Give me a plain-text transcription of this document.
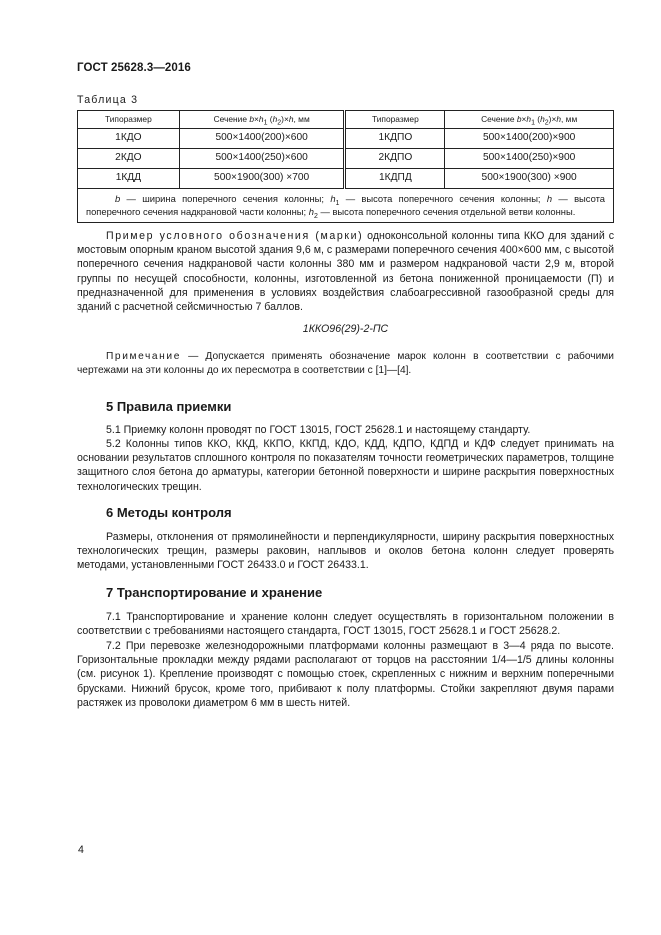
ГОСТ 25628.3—2016
Таблица 3
Типоразмер	Сечение $b\times h_1$ $(h_2)\times h$, мм	Типоразмер	Сечение $b\times h_1$ $(h_2)\times h$, мм
1КДО	500×1400(200)×600	1КДПО	500×1400(200)×900
2КДО	500×1400(250)×600	2КДПО	500×1400(250)×900
1КДД	500×1900(300) ×700	1КДПД	500×1900(300) ×900
b — ширина поперечного сечения колонны; $h_1$ — высота поперечного сечения колонны; h — высота поперечного сечения надкрановой части колонны; $h_2$ — высота поперечного сечения отдельной ветви колонны.			

Пример условного обозначения (марки) одноконсольной колонны типа ККО для зданий с мостовым опорным краном высотой здания 9,6 м, с размерами поперечного сечения 400×600 мм, с высотой поперечного сечения надкрановой части колонны 380 мм и размером надкрановой части 2,9 м, второй группы по несущей способности, колонны, изготовленной из бетона пониженной проницаемости (П) и предназначенной для применения в условиях воздействия слабоагрессивной газообразной среды для зданий с расчетной сейсмичностью 7 баллов.

1ККО96(29)-2-ПС

Примечание — Допускается применять обозначение марок колонн в соответствии с рабочими чертежами на эти колонны до их пересмотра в соответствии с [1]—[4].

5 Правила приемки

5.1 Приемку колонн проводят по ГОСТ 13015, ГОСТ 25628.1 и настоящему стандарту.

5.2 Колонны типов ККО, ККД, ККПО, ККПД, КДО, КДД, КДПО, КДПД и КДФ следует принимать на основании результатов сплошного контроля по показателям точности геометрических параметров, толщине защитного слоя бетона до арматуры, категории бетонной поверхности и ширине раскрытия поверхностных технологических трещин.

6 Методы контроля

Размеры, отклонения от прямолинейности и перпендикулярности, ширину раскрытия поверхностных технологических трещин, размеры раковин, наплывов и околов бетона колонн следует проверять методами, установленными ГОСТ 26433.0 и ГОСТ 26433.1.

7 Транспортирование и хранение

7.1 Транспортирование и хранение колонн следует осуществлять в горизонтальном положении в соответствии с требованиями настоящего стандарта, ГОСТ 13015, ГОСТ 25628.1 и ГОСТ 25628.2.

7.2 При перевозке железнодорожными платформами колонны размещают в 3—4 ряда по высоте. Горизонтальные прокладки между рядами располагают от торцов на расстоянии 1/4—1/5 длины колонны (см. рисунок 1). Крепление производят с помощью стоек, скрепленных с нижним и верхним поперечными брусками. Нижний брусок, кроме того, прибивают к полу платформы. Стойки закрепляют двумя парами растяжек из проволоки диаметром 6 мм в шесть нитей.

4
